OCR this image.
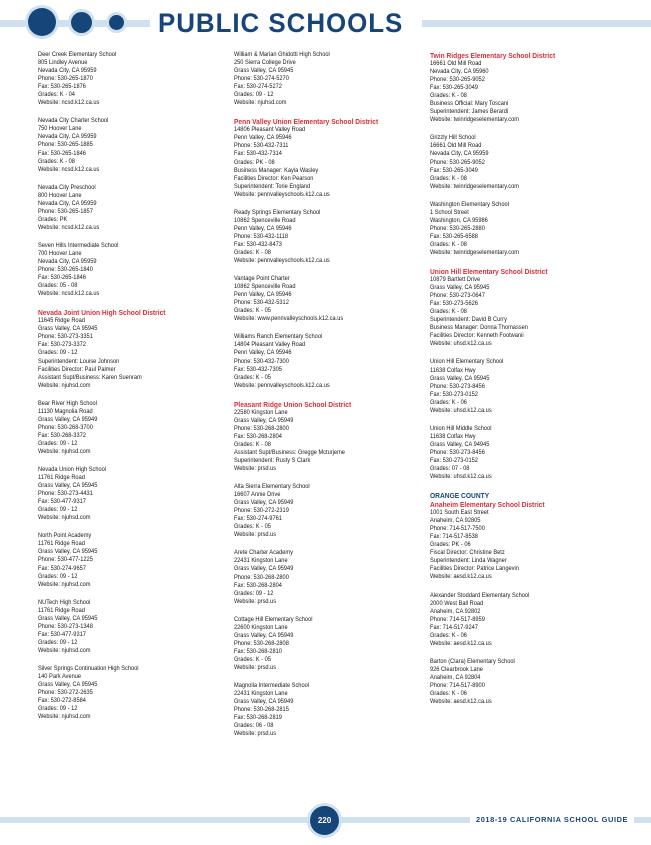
PUBLIC SCHOOLS
Deer Creek Elementary School
805 Lindley Avenue
Nevada City, CA 95959
Phone: 530-265-1870
Fax: 530-265-1876
Grades: K - 04
Website: ncsd.k12.ca.us
Nevada City Charter School
750 Hoover Lane
Nevada City, CA 95959
Phone: 530-265-1885
Fax: 530-265-1846
Grades: K - 08
Website: ncsd.k12.ca.us
Nevada City Preschool
800 Hoover Lane
Nevada City, CA 95959
Phone: 530-265-1857
Grades: PK
Website: ncsd.k12.ca.us
Seven Hills Intermediate School
700 Hoover Lane
Nevada City, CA 95959
Phone: 530-265-1840
Fax: 530-265-1846
Grades: 05 - 08
Website: ncsd.k12.ca.us
Nevada Joint Union High School District
11645 Ridge Road
Grass Valley, CA 95945
Phone: 530-273-3351
Fax: 530-273-3372
Grades: 09 - 12
Superintendent: Louise Johnson
Facilities Director: Paul Palmer
Assistant Supt/Business: Karen Suenram
Website: njuhsd.com
Bear River High School
11130 Magnolia Road
Grass Valley, CA 95949
Phone: 530-268-3700
Fax: 530-268-3372
Grades: 09 - 12
Website: njuhsd.com
Nevada Union High School
11761 Ridge Road
Grass Valley, CA 95945
Phone: 530-273-4431
Fax: 530-477-9317
Grades: 09 - 12
Website: njuhsd.com
North Point Academy
11761 Ridge Road
Grass Valley, CA 95945
Phone: 530-477-1225
Fax: 530-274-9657
Grades: 09 - 12
Website: njuhsd.com
NUTech High School
11761 Ridge Road
Grass Valley, CA 95945
Phone: 530-273-1348
Fax: 530-477-9317
Grades: 09 - 12
Website: njuhsd.com
Silver Springs Continuation High School
140 Park Avenue
Grass Valley, CA 95945
Phone: 530-272-2635
Fax: 530-272-8584
Grades: 09 - 12
Website: njuhsd.com
William & Marian Ghidotti High School
250 Sierra College Drive
Grass Valley, CA 95945
Phone: 530-274-5270
Fax: 530-274-5272
Grades: 09 - 12
Website: njuhsd.com
Penn Valley Union Elementary School District
14806 Pleasant Valley Road
Penn Valley, CA 95946
Phone: 530-432-7311
Fax: 530-432-7314
Grades: PK - 08
Business Manager: Kayla Wasley
Facilities Director: Ken Pearson
Superintendent: Torie England
Website: pennvalleyschools.k12.ca.us
Ready Springs Elementary School
10862 Spenceville Road
Penn Valley, CA 95946
Phone: 530-432-1118
Fax: 530-432-8473
Grades: K - 08
Website: pennvalleyschools.k12.ca.us
Vantage Point Charter
10862 Spenceville Road
Penn Valley, CA 95946
Phone: 530-432-5312
Grades: K - 05
Website: www.pennvalleyschools.k12.ca.us
Williams Ranch Elementary School
14804 Pleasant Valley Road
Penn Valley, CA 95946
Phone: 530-432-7300
Fax: 530-432-7305
Grades: K - 05
Website: pennvalleyschools.k12.ca.us
Pleasant Ridge Union School District
22580 Kingston Lane
Grass Valley, CA 95949
Phone: 530-268-2800
Fax: 530-268-2804
Grades: K - 08
Assistant Supt/Business: Gregge Mcturjeme
Superintendent: Rusty S Clark
Website: prsd.us
Alta Sierra Elementary School
16607 Annie Drive
Grass Valley, CA 95949
Phone: 530-272-2319
Fax: 530-274-9761
Grades: K - 05
Website: prsd.us
Arete Charter Academy
22431 Kingston Lane
Grass Valley, CA 95949
Phone: 530-268-2800
Fax: 530-268-2804
Grades: 09 - 12
Website: prsd.us
Cottage Hill Elementary School
22600 Kingston Lane
Grass Valley, CA 95949
Phone: 530-268-2808
Fax: 530-268-2810
Grades: K - 05
Website: prsd.us
Magnolia Intermediate School
22431 Kingston Lane
Grass Valley, CA 95949
Phone: 530-268-2815
Fax: 530-268-2819
Grades: 06 - 08
Website: prsd.us
Twin Ridges Elementary School District
16661 Old Mill Road
Nevada City, CA 95960
Phone: 530-265-9052
Fax: 530-265-3049
Grades: K - 08
Business Official: Mary Toscani
Superintendent: James Berardi
Website: twinridgeselementary.com
Grizzly Hill School
16661 Old Mill Road
Nevada City, CA 95959
Phone: 530-265-9052
Fax: 530-265-3049
Grades: K - 08
Website: twinridgeselementary.com
Washington Elementary School
1 School Street
Washington, CA 95986
Phone: 530-265-2880
Fax: 530-265-6588
Grades: K - 08
Website: twinridgeselementary.com
Union Hill Elementary School District
10879 Bartlett Drive
Grass Valley, CA 95945
Phone: 530-273-0647
Fax: 530-273-5626
Grades: K - 08
Superintendent: David B Curry
Business Manager: Donna Thomassen
Facilities Director: Kenneth Footwanii
Website: uhsd.k12.ca.us
Union Hill Elementary School
11638 Colfax Hwy
Grass Valley, CA 95945
Phone: 530-273-8456
Fax: 530-273-0152
Grades: K - 06
Website: uhsd.k12.ca.us
Union Hill Middle School
11638 Colfax Hwy
Grass Valley, CA 94945
Phone: 530-273-8456
Fax: 530-273-0152
Grades: 07 - 08
Website: uhsd.k12.ca.us
ORANGE COUNTY
Anaheim Elementary School District
1001 South East Street
Anaheim, CA 92805
Phone: 714-517-7500
Fax: 714-517-8538
Grades: PK - 06
Fiscal Director: Christine Betz
Superintendent: Linda Wagner
Facilities Director: Patrice Langevin
Website: aesd.k12.ca.us
Alexander Stoddard Elementary School
2000 West Ball Road
Anaheim, CA 92802
Phone: 714-517-8959
Fax: 714-517-9247
Grades: K - 06
Website: aesd.k12.ca.us
Barton (Clara) Elementary School
926 Clearbrook Lane
Anaheim, CA 92804
Phone: 714-517-8900
Grades: K - 06
Website: aesd.k12.ca.us
220	2018-19 CALIFORNIA SCHOOL GUIDE
